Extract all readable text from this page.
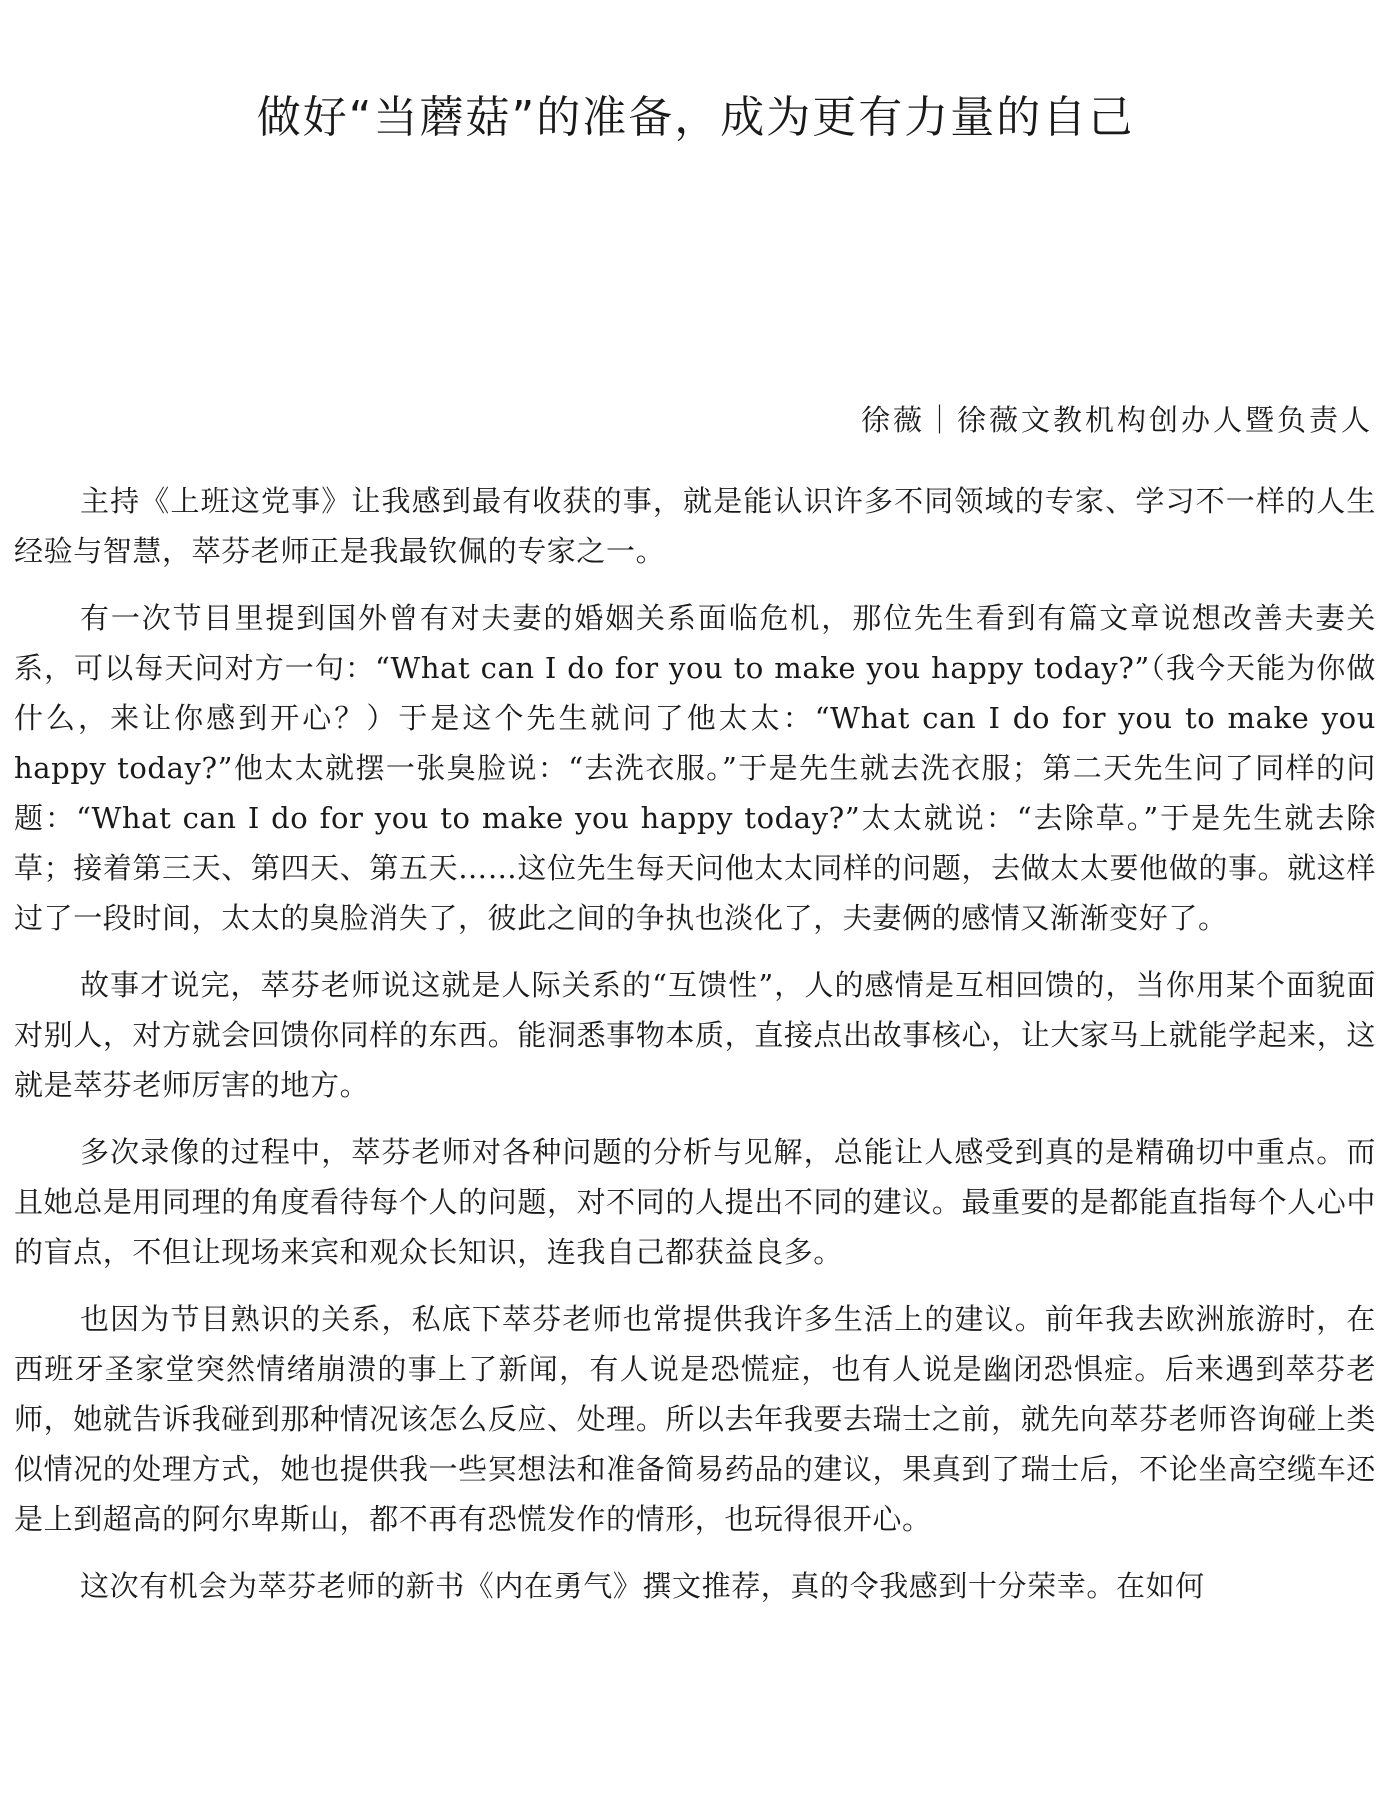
做好“当蘑菇”的准备，成为更有力量的自己
徐薇｜徐薇文教机构创办人暨负责人

主持《上班这党事》让我感到最有收获的事，就是能认识许多不同领域的专家、学习不一样的人生经验与智慧，萃芬老师正是我最钦佩的专家之一。

有一次节目里提到国外曾有对夫妻的婚姻关系面临危机，那位先生看到有篇文章说想改善夫妻关系，可以每天问对方一句：“What can I do for you to make you happy today?”（我今天能为你做什么，来让你感到开心？）于是这个先生就问了他太太：“What can I do for you to make you happy today?”他太太就摆一张臭脸说：“去洗衣服。”于是先生就去洗衣服；第二天先生问了同样的问题：“What can I do for you to make you happy today?”太太就说：“去除草。”于是先生就去除草；接着第三天、第四天、第五天……这位先生每天问他太太同样的问题，去做太太要他做的事。就这样过了一段时间，太太的臭脸消失了，彼此之间的争执也淡化了，夫妻俩的感情又渐渐变好了。

故事才说完，萃芬老师说这就是人际关系的“互馈性”，人的感情是互相回馈的，当你用某个面貌面对别人，对方就会回馈你同样的东西。能洞悉事物本质，直接点出故事核心，让大家马上就能学起来，这就是萃芬老师厉害的地方。

多次录像的过程中，萃芬老师对各种问题的分析与见解，总能让人感受到真的是精确切中重点。而且她总是用同理的角度看待每个人的问题，对不同的人提出不同的建议。最重要的是都能直指每个人心中的盲点，不但让现场来宾和观众长知识，连我自己都获益良多。

也因为节目熟识的关系，私底下萃芬老师也常提供我许多生活上的建议。前年我去欧洲旅游时，在西班牙圣家堂突然情绪崩溃的事上了新闻，有人说是恐慌症，也有人说是幽闭恐惧症。后来遇到萃芬老师，她就告诉我碰到那种情况该怎么反应、处理。所以去年我要去瑞士之前，就先向萃芬老师咨询碰上类似情况的处理方式，她也提供我一些冥想法和准备简易药品的建议，果真到了瑞士后，不论坐高空缆车还是上到超高的阿尔卑斯山，都不再有恐慌发作的情形，也玩得很开心。

这次有机会为萃芬老师的新书《内在勇气》撰文推荐，真的令我感到十分荣幸。在如何
